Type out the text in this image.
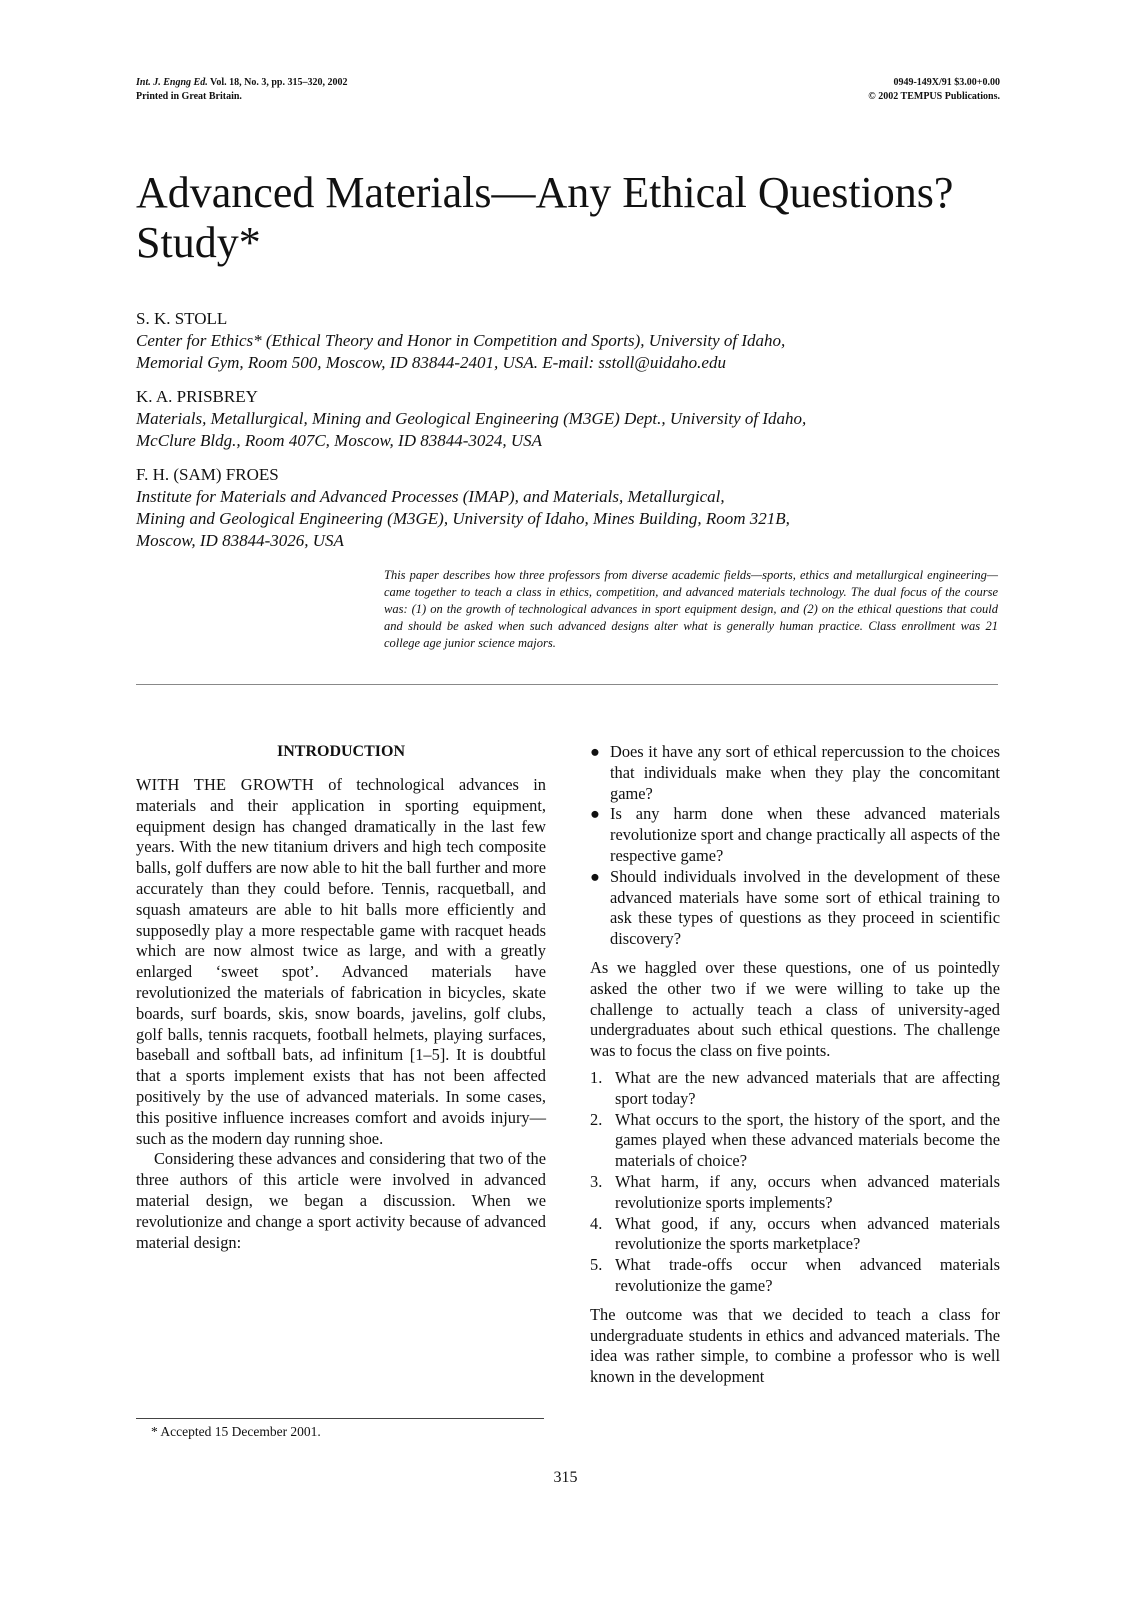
Int. J. Engng Ed. Vol. 18, No. 3, pp. 315–320, 2002
Printed in Great Britain.
0949-149X/91 $3.00+0.00
© 2002 TEMPUS Publications.
Advanced Materials—Any Ethical Questions? Study*

S. K. STOLL

Center for Ethics* (Ethical Theory and Honor in Competition and Sports), University of Idaho,
Memorial Gym, Room 500, Moscow, ID 83844-2401, USA. E-mail: sstoll@uidaho.edu

K. A. PRISBREY

Materials, Metallurgical, Mining and Geological Engineering (M3GE) Dept., University of Idaho,
McClure Bldg., Room 407C, Moscow, ID 83844-3024, USA

F. H. (SAM) FROES

Institute for Materials and Advanced Processes (IMAP), and Materials, Metallurgical,
Mining and Geological Engineering (M3GE), University of Idaho, Mines Building, Room 321B,
Moscow, ID 83844-3026, USA

This paper describes how three professors from diverse academic fields—sports, ethics and metallurgical engineering—came together to teach a class in ethics, competition, and advanced materials technology. The dual focus of the course was: (1) on the growth of technological advances in sport equipment design, and (2) on the ethical questions that could and should be asked when such advanced designs alter what is generally human practice. Class enrollment was 21 college age junior science majors.

INTRODUCTION

WITH THE GROWTH of technological advances in materials and their application in sporting equipment, equipment design has changed dramatically in the last few years. With the new titanium drivers and high tech composite balls, golf duffers are now able to hit the ball further and more accurately than they could before. Tennis, racquetball, and squash amateurs are able to hit balls more efficiently and supposedly play a more respectable game with racquet heads which are now almost twice as large, and with a greatly enlarged ‘sweet spot’. Advanced materials have revolutionized the materials of fabrication in bicycles, skate boards, surf boards, skis, snow boards, javelins, golf clubs, golf balls, tennis racquets, football helmets, playing surfaces, baseball and softball bats, ad infinitum [1–5]. It is doubtful that a sports implement exists that has not been affected positively by the use of advanced materials. In some cases, this positive influence increases comfort and avoids injury—such as the modern day running shoe.

Considering these advances and considering that two of the three authors of this article were involved in advanced material design, we began a discussion. When we revolutionize and change a sport activity because of advanced material design:

● Does it have any sort of ethical repercussion to the choices that individuals make when they play the concomitant game?
● Is any harm done when these advanced materials revolutionize sport and change practically all aspects of the respective game?
● Should individuals involved in the development of these advanced materials have some sort of ethical training to ask these types of questions as they proceed in scientific discovery?

As we haggled over these questions, one of us pointedly asked the other two if we were willing to take up the challenge to actually teach a class of university-aged undergraduates about such ethical questions. The challenge was to focus the class on five points.

1. What are the new advanced materials that are affecting sport today?
2. What occurs to the sport, the history of the sport, and the games played when these advanced materials become the materials of choice?
3. What harm, if any, occurs when advanced materials revolutionize sports implements?
4. What good, if any, occurs when advanced materials revolutionize the sports marketplace?
5. What trade-offs occur when advanced materials revolutionize the game?

The outcome was that we decided to teach a class for undergraduate students in ethics and advanced materials. The idea was rather simple, to combine a professor who is well known in the development

* Accepted 15 December 2001.
315
